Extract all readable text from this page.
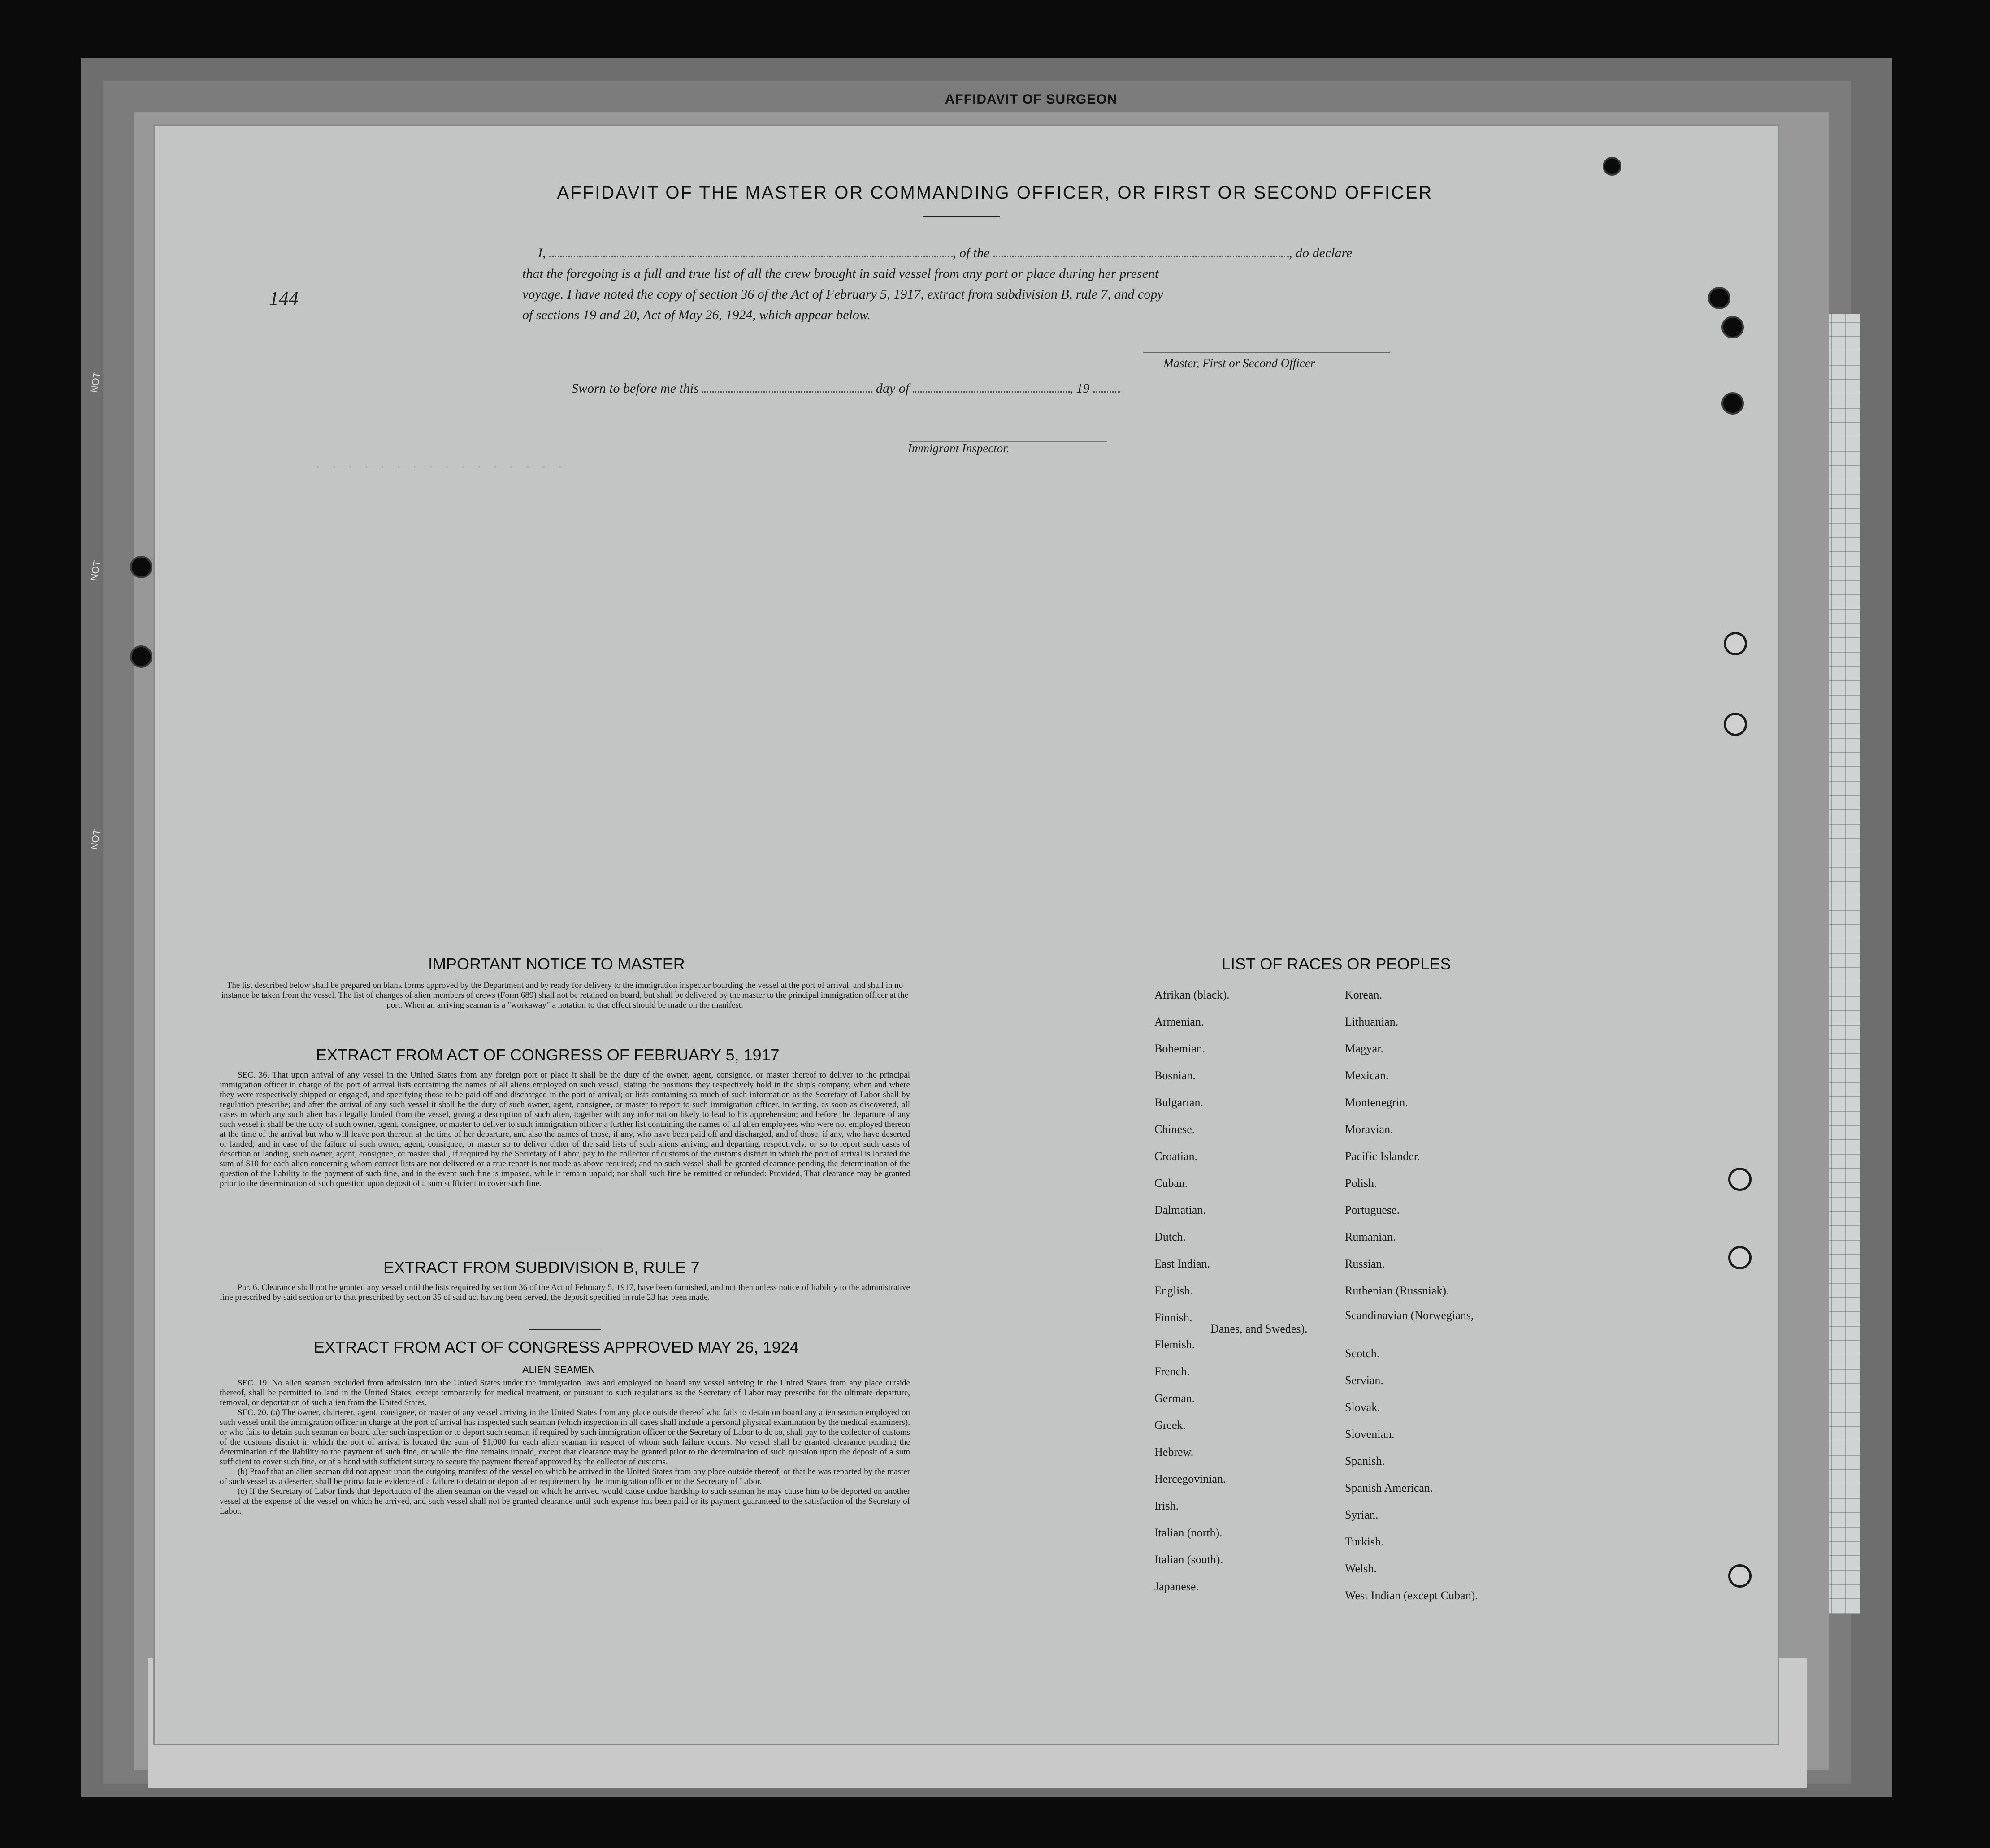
AFFIDAVIT OF SURGEON
. . . . . . . . . . . . . . . .
144
AFFIDAVIT OF THE MASTER OR COMMANDING OFFICER, OR FIRST OR SECOND OFFICER
I,	, of the	, do declare
that the foregoing is a full and true list of all the crew brought in said vessel from any port or place during her present
voyage. I have noted the copy of section 36 of the Act of February 5, 1917, extract from subdivision B, rule 7, and copy
of sections 19 and 20, Act of May 26, 1924, which appear below.
Master, First or Second Officer
Sworn to before me this	day of	, 19
Immigrant Inspector.
IMPORTANT NOTICE TO MASTER

The list described below shall be prepared on blank forms approved by the Department and by ready for delivery to the immigration inspector boarding the vessel at the port of arrival, and shall in no instance be taken from the vessel. The list of changes of alien members of crews (Form 689) shall not be retained on board, but shall be delivered by the master to the principal immigration officer at the port. When an arriving seaman is a "workaway" a notation to that effect should be made on the manifest.

EXTRACT FROM ACT OF CONGRESS OF FEBRUARY 5, 1917

SEC. 36. That upon arrival of any vessel in the United States from any foreign port or place it shall be the duty of the owner, agent, consignee, or master thereof to deliver to the principal immigration officer in charge of the port of arrival lists containing the names of all aliens employed on such vessel, stating the positions they respectively hold in the ship's company, when and where they were respectively shipped or engaged, and specifying those to be paid off and discharged in the port of arrival; or lists containing so much of such information as the Secretary of Labor shall by regulation prescribe; and after the arrival of any such vessel it shall be the duty of such owner, agent, consignee, or master to report to such immigration officer, in writing, as soon as discovered, all cases in which any such alien has illegally landed from the vessel, giving a description of such alien, together with any information likely to lead to his apprehension; and before the departure of any such vessel it shall be the duty of such owner, agent, consignee, or master to deliver to such immigration officer a further list containing the names of all alien employees who were not employed thereon at the time of the arrival but who will leave port thereon at the time of her departure, and also the names of those, if any, who have been paid off and discharged, and of those, if any, who have deserted or landed; and in case of the failure of such owner, agent, consignee, or master so to deliver either of the said lists of such aliens arriving and departing, respectively, or so to report such cases of desertion or landing, such owner, agent, consignee, or master shall, if required by the Secretary of Labor, pay to the collector of customs of the customs district in which the port of arrival is located the sum of $10 for each alien concerning whom correct lists are not delivered or a true report is not made as above required; and no such vessel shall be granted clearance pending the determination of the question of the liability to the payment of such fine, and in the event such fine is imposed, while it remain unpaid; nor shall such fine be remitted or refunded: Provided, That clearance may be granted prior to the determination of such question upon deposit of a sum sufficient to cover such fine.

EXTRACT FROM SUBDIVISION B, RULE 7

Par. 6. Clearance shall not be granted any vessel until the lists required by section 36 of the Act of February 5, 1917, have been furnished, and not then unless notice of liability to the administrative fine prescribed by said section or to that prescribed by section 35 of said act having been served, the deposit specified in rule 23 has been made.

EXTRACT FROM ACT OF CONGRESS APPROVED MAY 26, 1924
ALIEN SEAMEN

SEC. 19. No alien seaman excluded from admission into the United States under the immigration laws and employed on board any vessel arriving in the United States from any place outside thereof, shall be permitted to land in the United States, except temporarily for medical treatment, or pursuant to such regulations as the Secretary of Labor may prescribe for the ultimate departure, removal, or deportation of such alien from the United States.

SEC. 20. (a) The owner, charterer, agent, consignee, or master of any vessel arriving in the United States from any place outside thereof who fails to detain on board any alien seaman employed on such vessel until the immigration officer in charge at the port of arrival has inspected such seaman (which inspection in all cases shall include a personal physical examination by the medical examiners), or who fails to detain such seaman on board after such inspection or to deport such seaman if required by such immigration officer or the Secretary of Labor to do so, shall pay to the collector of customs of the customs district in which the port of arrival is located the sum of $1,000 for each alien seaman in respect of whom such failure occurs. No vessel shall be granted clearance pending the determination of the liability to the payment of such fine, or while the fine remains unpaid, except that clearance may be granted prior to the determination of such question upon the deposit of a sum sufficient to cover such fine, or of a bond with sufficient surety to secure the payment thereof approved by the collector of customs.

(b) Proof that an alien seaman did not appear upon the outgoing manifest of the vessel on which he arrived in the United States from any place outside thereof, or that he was reported by the master of such vessel as a deserter, shall be prima facie evidence of a failure to detain or deport after requirement by the immigration officer or the Secretary of Labor.

(c) If the Secretary of Labor finds that deportation of the alien seaman on the vessel on which he arrived would cause undue hardship to such seaman he may cause him to be deported on another vessel at the expense of the vessel on which he arrived, and such vessel shall not be granted clearance until such expense has been paid or its payment guaranteed to the satisfaction of the Secretary of Labor.

LIST OF RACES OR PEOPLES
Afrikan (black).
Armenian.
Bohemian.
Bosnian.
Bulgarian.
Chinese.
Croatian.
Cuban.
Dalmatian.
Dutch.
East Indian.
English.
Finnish.
Flemish.
French.
German.
Greek.
Hebrew.
Hercegovinian.
Irish.
Italian (north).
Italian (south).
Japanese.
Korean.
Lithuanian.
Magyar.
Mexican.
Montenegrin.
Moravian.
Pacific Islander.
Polish.
Portuguese.
Rumanian.
Russian.
Ruthenian (Russniak).
Scandinavian (Norwegians,
Danes, and Swedes).
Scotch.
Servian.
Slovak.
Slovenian.
Spanish.
Spanish American.
Syrian.
Turkish.
Welsh.
West Indian (except Cuban).
NOT
NOT
NOT
